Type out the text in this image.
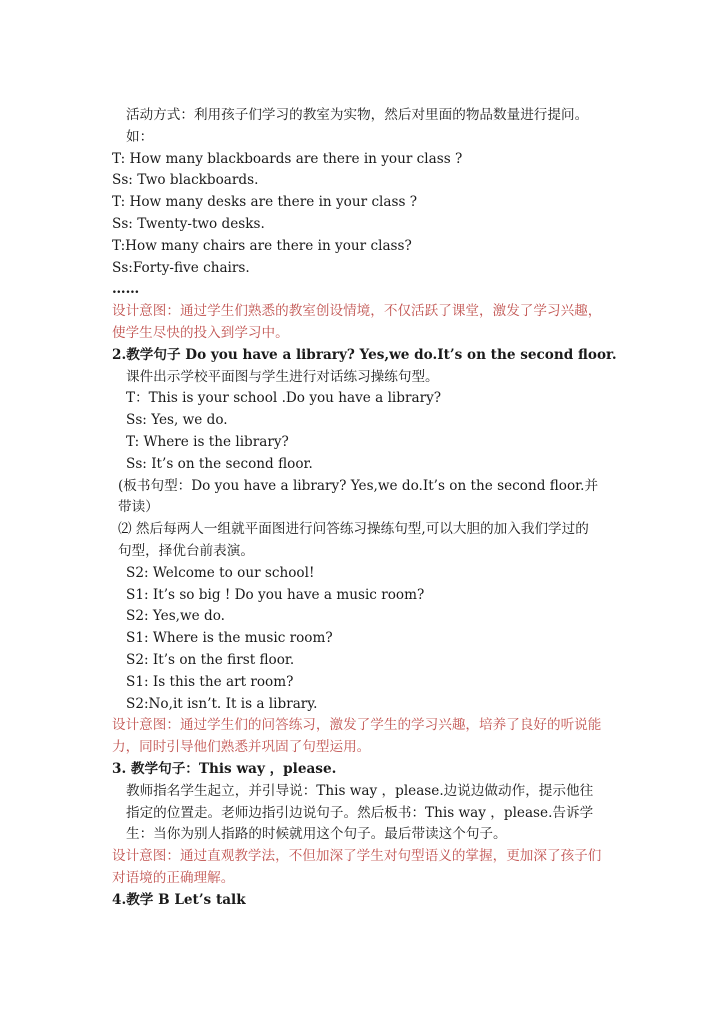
活动方式：利用孩子们学习的教室为实物，然后对里面的物品数量进行提问。 如：

T: How many blackboards are there in your class ?

Ss: Two blackboards.

T: How many desks are there in your class ?

Ss: Twenty-two desks.

T:How many chairs are there in your class?

Ss:Forty-five chairs.

……

设计意图：通过学生们熟悉的教室创设情境，不仅活跃了课堂，激发了学习兴趣，使学生尽快的投入到学习中。

2.教学句子 Do you have a library? Yes,we do.It’s on the second floor.

课件出示学校平面图与学生进行对话练习操练句型。

T：This is your school .Do you have a library?

Ss: Yes, we do.

T: Where is the library?

Ss: It’s on the second floor.

(板书句型：Do you have a library? Yes,we do.It’s on the second floor.并带读）

⑵ 然后每两人一组就平面图进行问答练习操练句型,可以大胆的加入我们学过的句型，择优台前表演。

S2: Welcome to our school!

S1: It’s so big ! Do you have a music room?

S2: Yes,we do.

S1: Where is the music room?

S2: It’s on the first floor.

S1: Is this the art room?

S2:No,it isn’t. It is a library.

设计意图：通过学生们的问答练习，激发了学生的学习兴趣，培养了良好的听说能力，同时引导他们熟悉并巩固了句型运用。

3. 教学句子：This way ，please.

教师指名学生起立，并引导说：This way ，please.边说边做动作，提示他往指定的位置走。老师边指引边说句子。然后板书：This way ，please.告诉学生：当你为别人指路的时候就用这个句子。最后带读这个句子。

设计意图：通过直观教学法，不但加深了学生对句型语义的掌握，更加深了孩子们对语境的正确理解。

4.教学 B Let’s talk
